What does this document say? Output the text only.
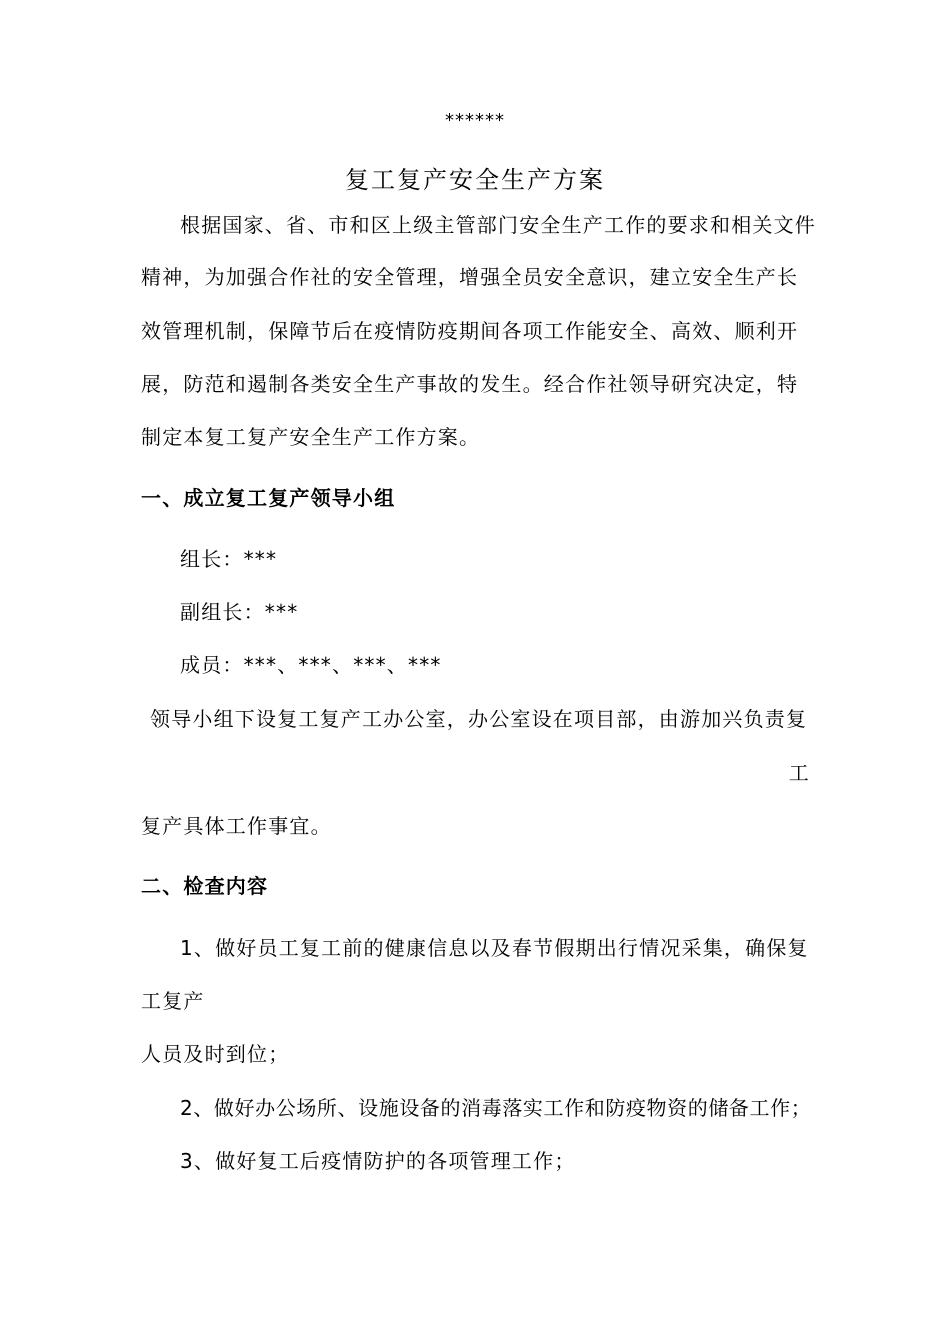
******
复工复产安全生产方案
根据国家、省、市和区上级主管部门安全生产工作的要求和相关文件
精神，为加强合作社的安全管理，增强全员安全意识，建立安全生产长
效管理机制，保障节后在疫情防疫期间各项工作能安全、高效、顺利开
展，防范和遏制各类安全生产事故的发生。经合作社领导研究决定，特
制定本复工复产安全生产工作方案。
一、成立复工复产领导小组
组长：***
副组长：***
成员：***、***、***、***
领导小组下设复工复产工办公室，办公室设在项目部，由游加兴负责复
工
复产具体工作事宜。
二、检查内容
1、做好员工复工前的健康信息以及春节假期出行情况采集，确保复
工复产
人员及时到位；
2、做好办公场所、设施设备的消毒落实工作和防疫物资的储备工作；
3、做好复工后疫情防护的各项管理工作；
